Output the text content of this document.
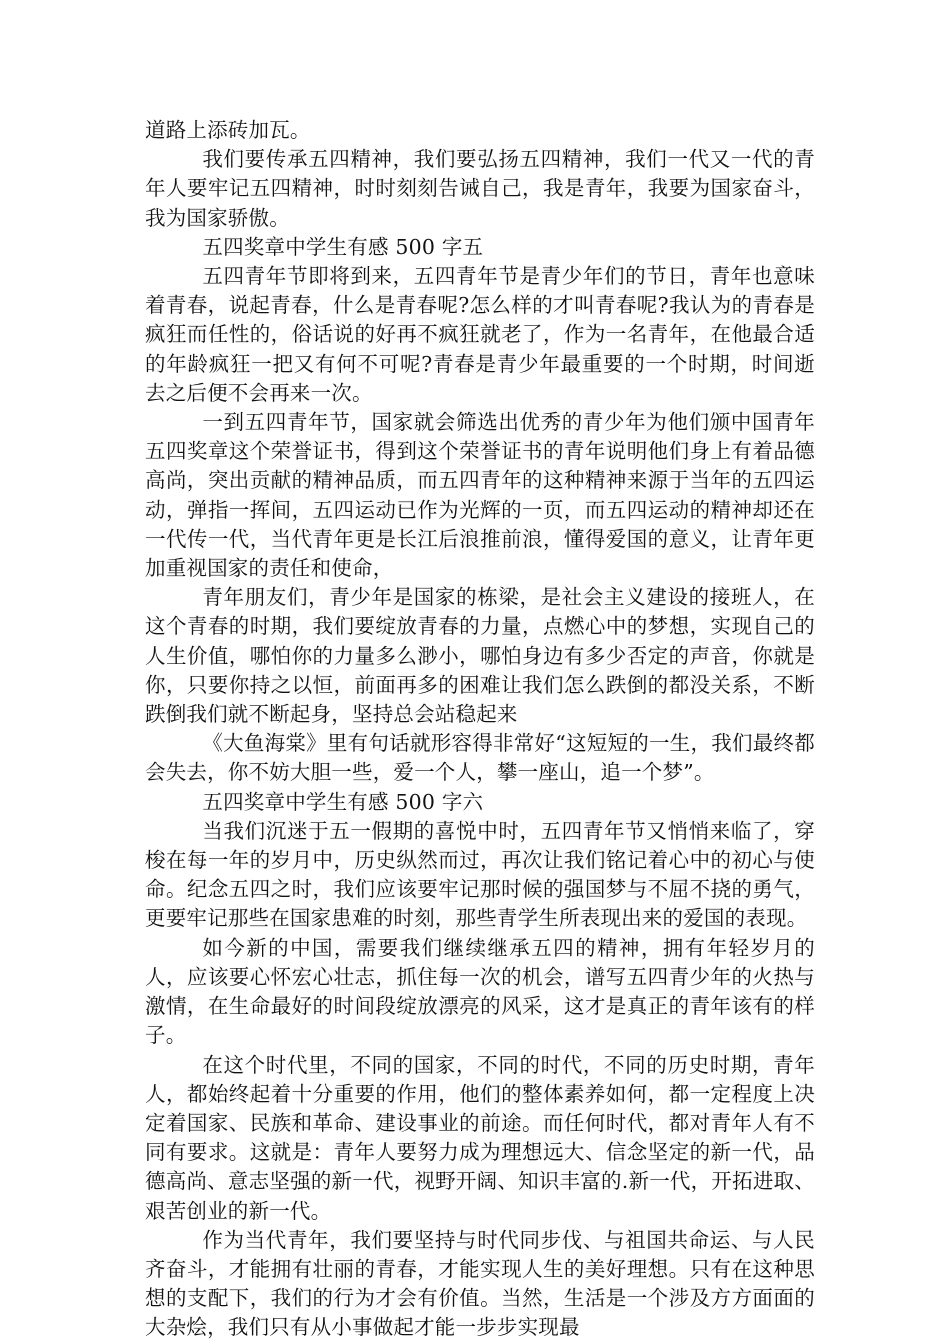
道路上添砖加瓦。

我们要传承五四精神，我们要弘扬五四精神，我们一代又一代的青年人要牢记五四精神，时时刻刻告诫自己，我是青年，我要为国家奋斗，我为国家骄傲。

五四奖章中学生有感 500 字五

五四青年节即将到来，五四青年节是青少年们的节日，青年也意味着青春，说起青春，什么是青春呢?怎么样的才叫青春呢?我认为的青春是疯狂而任性的，俗话说的好再不疯狂就老了，作为一名青年，在他最合适的年龄疯狂一把又有何不可呢?青春是青少年最重要的一个时期，时间逝去之后便不会再来一次。

一到五四青年节，国家就会筛选出优秀的青少年为他们颁中国青年五四奖章这个荣誉证书，得到这个荣誉证书的青年说明他们身上有着品德高尚，突出贡献的精神品质，而五四青年的这种精神来源于当年的五四运动，弹指一挥间，五四运动已作为光辉的一页，而五四运动的精神却还在一代传一代，当代青年更是长江后浪推前浪，懂得爱国的意义，让青年更加重视国家的责任和使命，

青年朋友们，青少年是国家的栋梁，是社会主义建设的接班人，在这个青春的时期，我们要绽放青春的力量，点燃心中的梦想，实现自己的人生价值，哪怕你的力量多么渺小，哪怕身边有多少否定的声音，你就是你，只要你持之以恒，前面再多的困难让我们怎么跌倒的都没关系，不断跌倒我们就不断起身，坚持总会站稳起来

《大鱼海棠》里有句话就形容得非常好“这短短的一生，我们最终都会失去，你不妨大胆一些，爱一个人，攀一座山，追一个梦”。

五四奖章中学生有感 500 字六

当我们沉迷于五一假期的喜悦中时，五四青年节又悄悄来临了，穿梭在每一年的岁月中，历史纵然而过，再次让我们铭记着心中的初心与使命。纪念五四之时，我们应该要牢记那时候的强国梦与不屈不挠的勇气，更要牢记那些在国家患难的时刻，那些青学生所表现出来的爱国的表现。

如今新的中国，需要我们继续继承五四的精神，拥有年轻岁月的人，应该要心怀宏心壮志，抓住每一次的机会，谱写五四青少年的火热与激情，在生命最好的时间段绽放漂亮的风采，这才是真正的青年该有的样子。

在这个时代里，不同的国家，不同的时代，不同的历史时期，青年人，都始终起着十分重要的作用，他们的整体素养如何，都一定程度上决定着国家、民族和革命、建设事业的前途。而任何时代，都对青年人有不同有要求。这就是：青年人要努力成为理想远大、信念坚定的新一代，品德高尚、意志坚强的新一代，视野开阔、知识丰富的.新一代，开拓进取、艰苦创业的新一代。

作为当代青年，我们要坚持与时代同步伐、与祖国共命运、与人民齐奋斗，才能拥有壮丽的青春，才能实现人生的美好理想。只有在这种思想的支配下，我们的行为才会有价值。当然，生活是一个涉及方方面面的大杂烩，我们只有从小事做起才能一步步实现最
